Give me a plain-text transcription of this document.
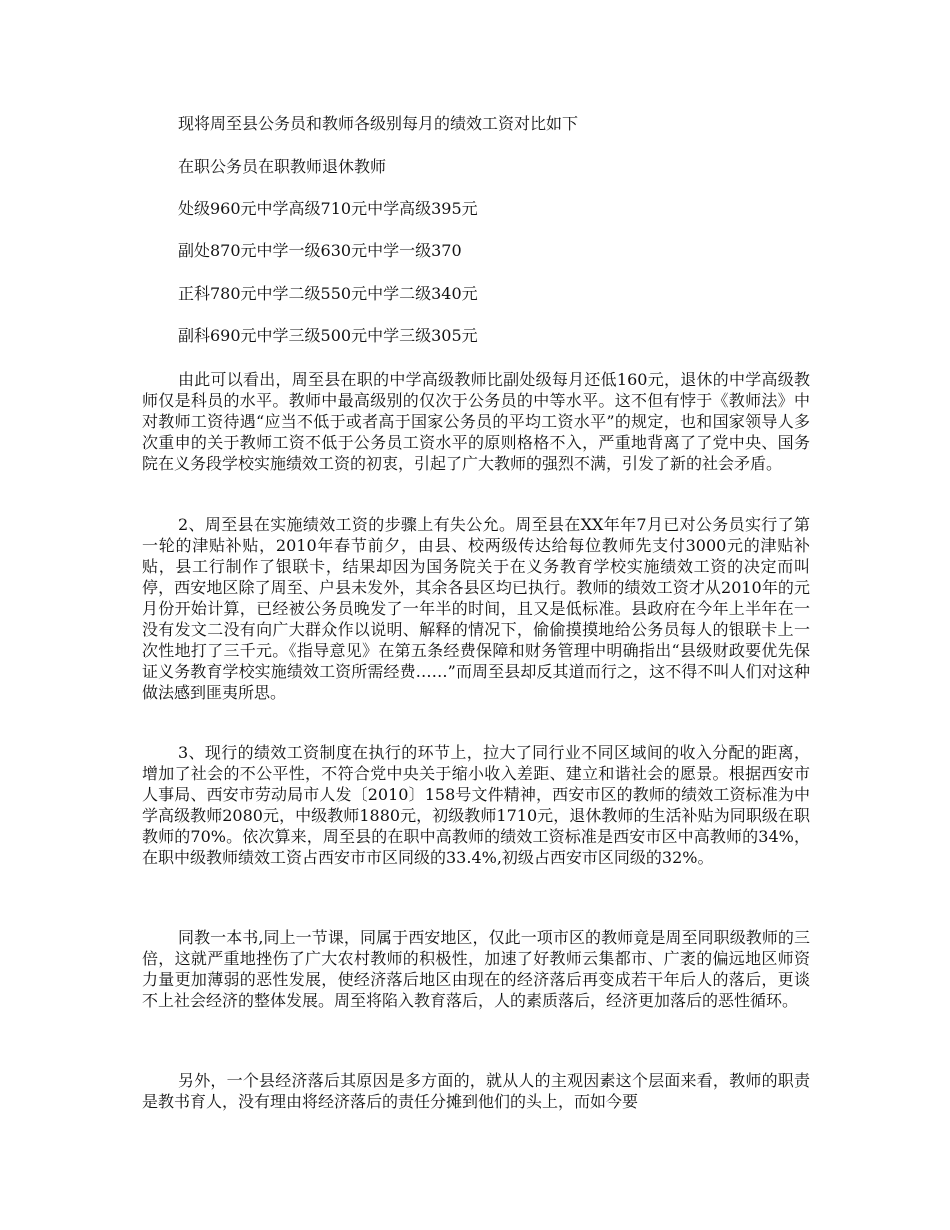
现将周至县公务员和教师各级别每月的绩效工资对比如下

在职公务员在职教师退休教师

处级960元中学高级710元中学高级395元

副处870元中学一级630元中学一级370

正科780元中学二级550元中学二级340元

副科690元中学三级500元中学三级305元

由此可以看出，周至县在职的中学高级教师比副处级每月还低160元，退休的中学高级教师仅是科员的水平。教师中最高级别的仅次于公务员的中等水平。这不但有悖于《教师法》中对教师工资待遇“应当不低于或者高于国家公务员的平均工资水平”的规定，也和国家领导人多次重申的关于教师工资不低于公务员工资水平的原则格格不入，严重地背离了了党中央、国务院在义务段学校实施绩效工资的初衷，引起了广大教师的强烈不满，引发了新的社会矛盾。

2、周至县在实施绩效工资的步骤上有失公允。周至县在XX年年7月已对公务员实行了第一轮的津贴补贴，2010年春节前夕，由县、校两级传达给每位教师先支付3000元的津贴补贴，县工行制作了银联卡，结果却因为国务院关于在义务教育学校实施绩效工资的决定而叫停，西安地区除了周至、户县未发外，其余各县区均已执行。教师的绩效工资才从2010年的元月份开始计算，已经被公务员晚发了一年半的时间，且又是低标准。县政府在今年上半年在一没有发文二没有向广大群众作以说明、解释的情况下，偷偷摸摸地给公务员每人的银联卡上一次性地打了三千元。《指导意见》在第五条经费保障和财务管理中明确指出“县级财政要优先保证义务教育学校实施绩效工资所需经费……”而周至县却反其道而行之，这不得不叫人们对这种做法感到匪夷所思。

3、现行的绩效工资制度在执行的环节上，拉大了同行业不同区域间的收入分配的距离，增加了社会的不公平性，不符合党中央关于缩小收入差距、建立和谐社会的愿景。根据西安市人事局、西安市劳动局市人发〔2010〕158号文件精神，西安市区的教师的绩效工资标准为中学高级教师2080元，中级教师1880元，初级教师1710元，退休教师的生活补贴为同职级在职教师的70%。依次算来，周至县的在职中高教师的绩效工资标准是西安市区中高教师的34%，在职中级教师绩效工资占西安市市区同级的33.4%,初级占西安市区同级的32%。

同教一本书,同上一节课，同属于西安地区，仅此一项市区的教师竟是周至同职级教师的三倍，这就严重地挫伤了广大农村教师的积极性，加速了好教师云集都市、广袤的偏远地区师资力量更加薄弱的恶性发展，使经济落后地区由现在的经济落后再变成若干年后人的落后，更谈不上社会经济的整体发展。周至将陷入教育落后，人的素质落后，经济更加落后的恶性循环。

另外，一个县经济落后其原因是多方面的，就从人的主观因素这个层面来看，教师的职责是教书育人，没有理由将经济落后的责任分摊到他们的头上，而如今要
